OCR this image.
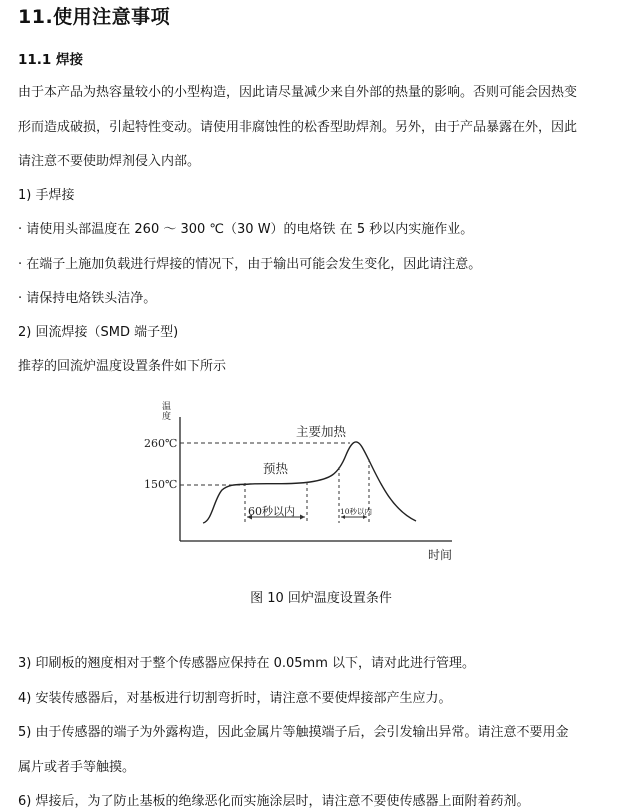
11.使用注意事项
11.1 焊接

由于本产品为热容量较小的小型构造，因此请尽量减少来自外部的热量的影响。否则可能会因热变

形而造成破损，引起特性变动。请使用非腐蚀性的松香型助焊剂。另外，由于产品暴露在外，因此

请注意不要使助焊剂侵入内部。

1) 手焊接

· 请使用头部温度在 260 ～ 300 ℃（30 W）的电烙铁 在 5 秒以内实施作业。

· 在端子上施加负载进行焊接的情况下，由于输出可能会发生变化，因此请注意。

· 请保持电烙铁头洁净。

2) 回流焊接（SMD 端子型)

推荐的回流炉温度设置条件如下所示

温度
260℃
150℃
主要加热
预热
60秒以内	10秒以内
时间

图 10 回炉温度设置条件

3) 印刷板的翘度相对于整个传感器应保持在 0.05mm 以下，请对此进行管理。

4) 安装传感器后，对基板进行切割弯折时，请注意不要使焊接部产生应力。

5) 由于传感器的端子为外露构造，因此金属片等触摸端子后，会引发输出异常。请注意不要用金

属片或者手等触摸。

6) 焊接后，为了防止基板的绝缘恶化而实施涂层时，请注意不要使传感器上面附着药剂。
